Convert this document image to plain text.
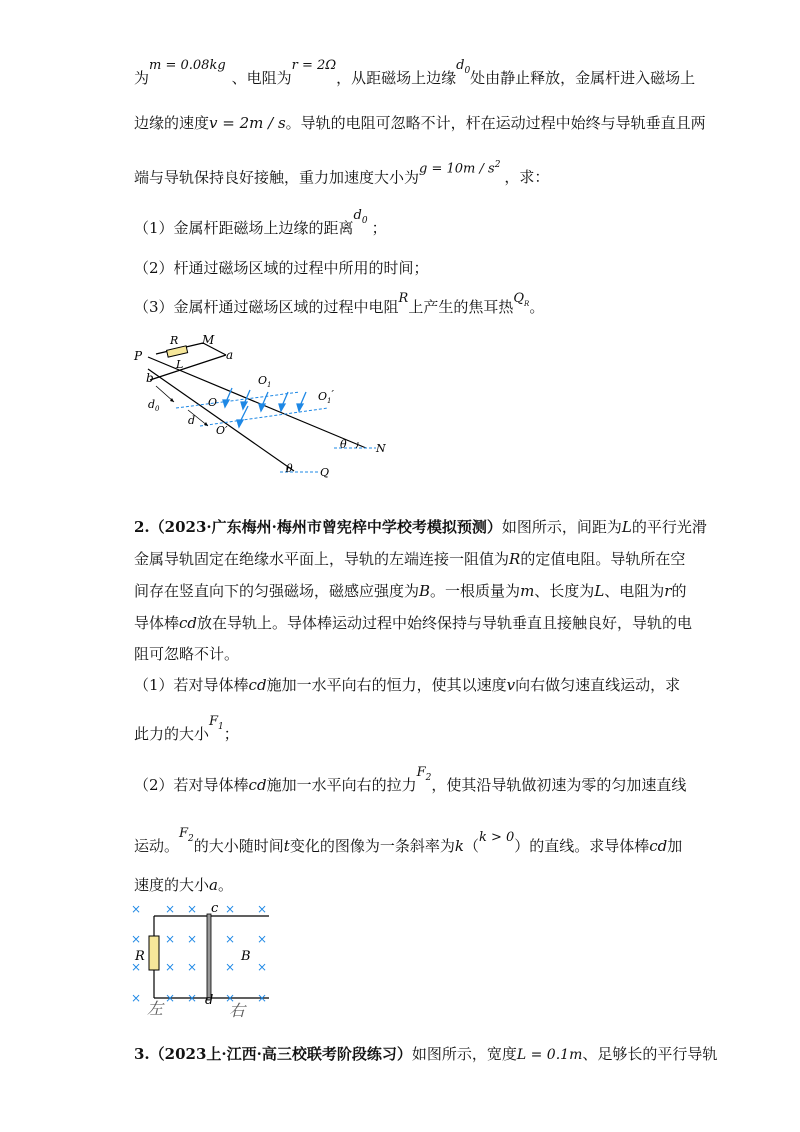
为m = 0.08kg、电阻为r = 2Ω，从距磁场上边缘$d_0$处由静止释放，金属杆进入磁场上
边缘的速度v = 2m / s。导轨的电阻可忽略不计，杆在运动过程中始终与导轨垂直且两
端与导轨保持良好接触，重力加速度大小为$g = 10m / s^2$，求：
（1）金属杆距磁场上边缘的距离$d_0$ ；
（2）杆通过磁场区域的过程中所用的时间；
（3）金属杆通过磁场区域的过程中电阻R上产生的焦耳热$Q_R$。
P
R M
a
L
b	$O_1$
$O_1'$
$d_0$	O
d
O′
θ	N
θ Q
2.（2023·广东梅州·梅州市曾宪梓中学校考模拟预测）如图所示，间距为L的平行光滑
金属导轨固定在绝缘水平面上，导轨的左端连接一阻值为R的定值电阻。导轨所在空
间存在竖直向下的匀强磁场，磁感应强度为B。一根质量为m、长度为L、电阻为r的
导体棒cd放在导轨上。导体棒运动过程中始终保持与导轨垂直且接触良好，导轨的电
阻可忽略不计。
（1）若对导体棒cd施加一水平向右的恒力，使其以速度v向右做匀速直线运动，求
此力的大小$F_1$；
（2）若对导体棒cd施加一水平向右的拉力$F_2$，使其沿导轨做初速为零的匀加速直线
运动。$F_2$的大小随时间t变化的图像为一条斜率为k（k > 0）的直线。求导体棒cd加
速度的大小a。
× × × × ×
× × × × ×
× × × ×
×
× × × × ×
c
R	B
d
左	右
3.（2023上·江西·高三校联考阶段练习）如图所示，宽度L = 0.1m、足够长的平行导轨
